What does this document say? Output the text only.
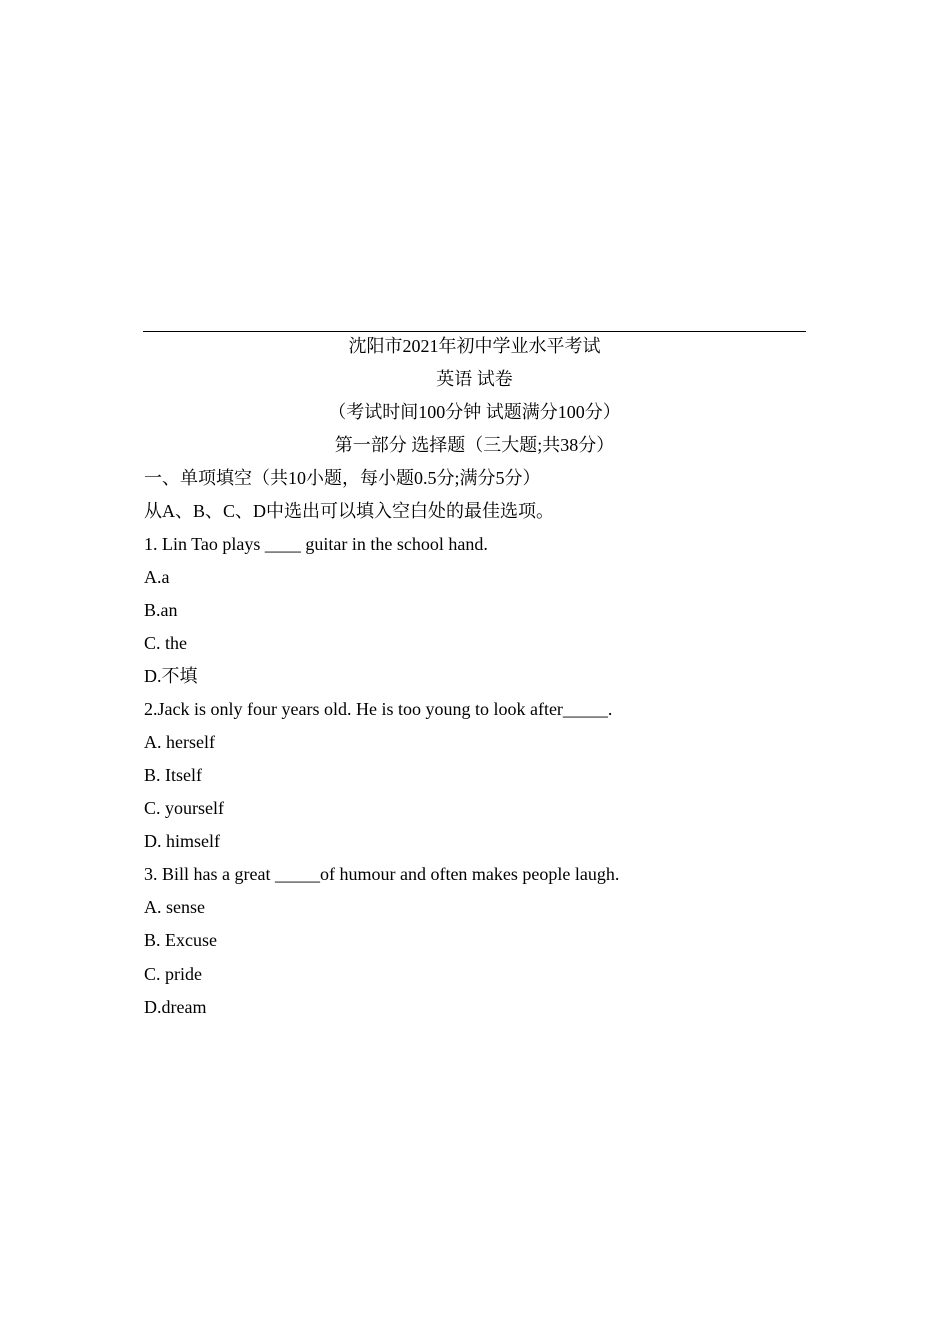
沈阳市2021年初中学业水平考试
英语 试卷
（考试时间100分钟 试题满分100分）
第一部分 选择题（三大题;共38分）
一、单项填空（共10小题，每小题0.5分;满分5分）
从A、B、C、D中选出可以填入空白处的最佳选项。
1. Lin Tao plays ____ guitar in the school hand.
A.a
B.an
C. the
D.不填
2.Jack is only four years old. He is too young to look after_____.
A. herself
B. Itself
C. yourself
D. himself
3. Bill has a great _____of humour and often makes people laugh.
A. sense
B. Excuse
C. pride
D.dream
